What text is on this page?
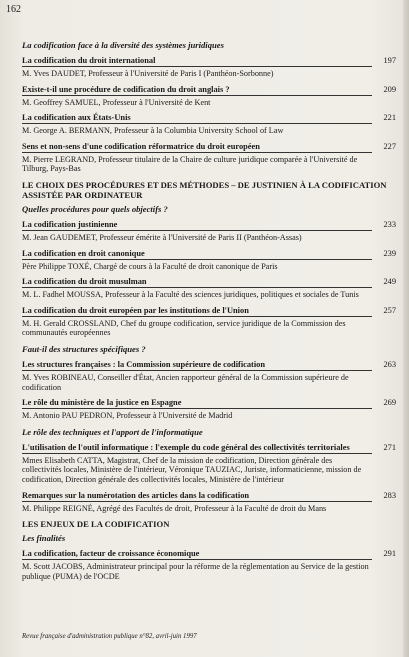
162
La codification face à la diversité des systèmes juridiques
La codification du droit international	197
M. Yves DAUDET, Professeur à l'Université de Paris I (Panthéon-Sorbonne)
Existe-t-il une procédure de codification du droit anglais ?	209
M. Geoffrey SAMUEL, Professeur à l'Université de Kent
La codification aux États-Unis	221
M. George A. BERMANN, Professeur à la Columbia University School of Law
Sens et non-sens d'une codification réformatrice du droit européen	227
M. Pierre LEGRAND, Professeur titulaire de la Chaire de culture juridique comparée à l'Université de Tilburg, Pays-Bas
LE CHOIX DES PROCÉDURES ET DES MÉTHODES – DE JUSTINIEN À LA CODIFICATION ASSISTÉE PAR ORDINATEUR
Quelles procédures pour quels objectifs ?
La codification justinienne	233
M. Jean GAUDEMET, Professeur émérite à l'Université de Paris II (Panthéon-Assas)
La codification en droit canonique	239
Père Philippe TOXÉ, Chargé de cours à la Faculté de droit canonique de Paris
La codification du droit musulman	249
M. L. Fadhel MOUSSA, Professeur à la Faculté des sciences juridiques, politiques et sociales de Tunis
La codification du droit européen par les institutions de l'Union	257
M. H. Gerald CROSSLAND, Chef du groupe codification, service juridique de la Commission des communautés européennes
Faut-il des structures spécifiques ?
Les structures françaises : la Commission supérieure de codification	263
M. Yves ROBINEAU, Conseiller d'État, Ancien rapporteur général de la Commission supérieure de codification
Le rôle du ministère de la justice en Espagne	269
M. Antonio PAU PEDRON, Professeur à l'Université de Madrid
Le rôle des techniques et l'apport de l'informatique
L'utilisation de l'outil informatique : l'exemple du code général des collectivités territoriales	271
Mmes Elisabeth CATTA, Magistrat, Chef de la mission de codification, Direction générale des collectivités locales, Ministère de l'intérieur, Véronique TAUZIAC, Juriste, informaticienne, mission de codification, Direction générale des collectivités locales, Ministère de l'intérieur
Remarques sur la numérotation des articles dans la codification	283
M. Philippe REIGNÉ, Agrégé des Facultés de droit, Professeur à la Faculté de droit du Mans
LES ENJEUX DE LA CODIFICATION
Les finalités
La codification, facteur de croissance économique	291
M. Scott JACOBS, Administrateur principal pour la réforme de la réglementation au Service de la gestion publique (PUMA) de l'OCDE
Revue française d'administration publique n°82, avril-juin 1997
